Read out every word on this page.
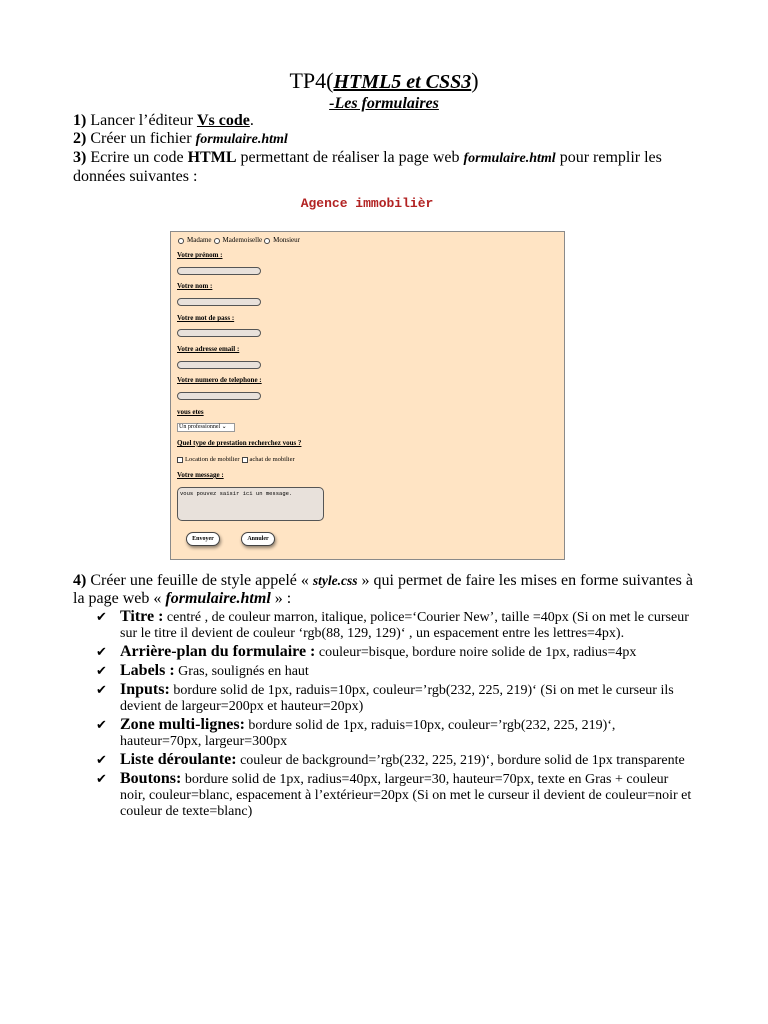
TP4(HTML5 et CSS3)
-Les formulaires
1) Lancer l’éditeur Vs code.
2) Créer un fichier formulaire.html
3) Ecrire un code HTML permettant de réaliser la page web formulaire.html pour remplir les données suivantes :
Agence immobilièr
Madame Mademoiselle Monsieur
Votre prénom :
Votre nom :
Votre mot de pass :
Votre adresse email :
Votre numero de telephone :
vous etes
Un professionnel ⌄
Quel type de prestation recherchez vous ?
Location de mobilier achat de mobilier
Votre message :
vous pouvez saisir ici un message.
Envoyer	Annuler
4) Créer une feuille de style appelé « style.css » qui permet de faire les mises en forme suivantes à la page web « formulaire.html » :
✔ Titre : centré , de couleur marron, italique, police=‘Courier New’, taille =40px (Si on met le curseur sur le titre il devient de couleur ‘rgb(88, 129, 129)‘ , un espacement entre les lettres=4px).
✔ Arrière-plan du formulaire : couleur=bisque, bordure noire solide de 1px, radius=4px
✔ Labels : Gras, soulignés en haut
✔ Inputs: bordure solid de 1px, raduis=10px, couleur=’rgb(232, 225, 219)‘ (Si on met le curseur ils devient de largeur=200px et hauteur=20px)
✔ Zone multi-lignes: bordure solid de 1px, raduis=10px, couleur=’rgb(232, 225, 219)‘, hauteur=70px, largeur=300px
✔ Liste déroulante: couleur de background=’rgb(232, 225, 219)‘, bordure solid de 1px transparente
✔ Boutons: bordure solid de 1px, radius=40px, largeur=30, hauteur=70px, texte en Gras + couleur noir, couleur=blanc, espacement à l’extérieur=20px (Si on met le curseur il devient de couleur=noir et couleur de texte=blanc)
